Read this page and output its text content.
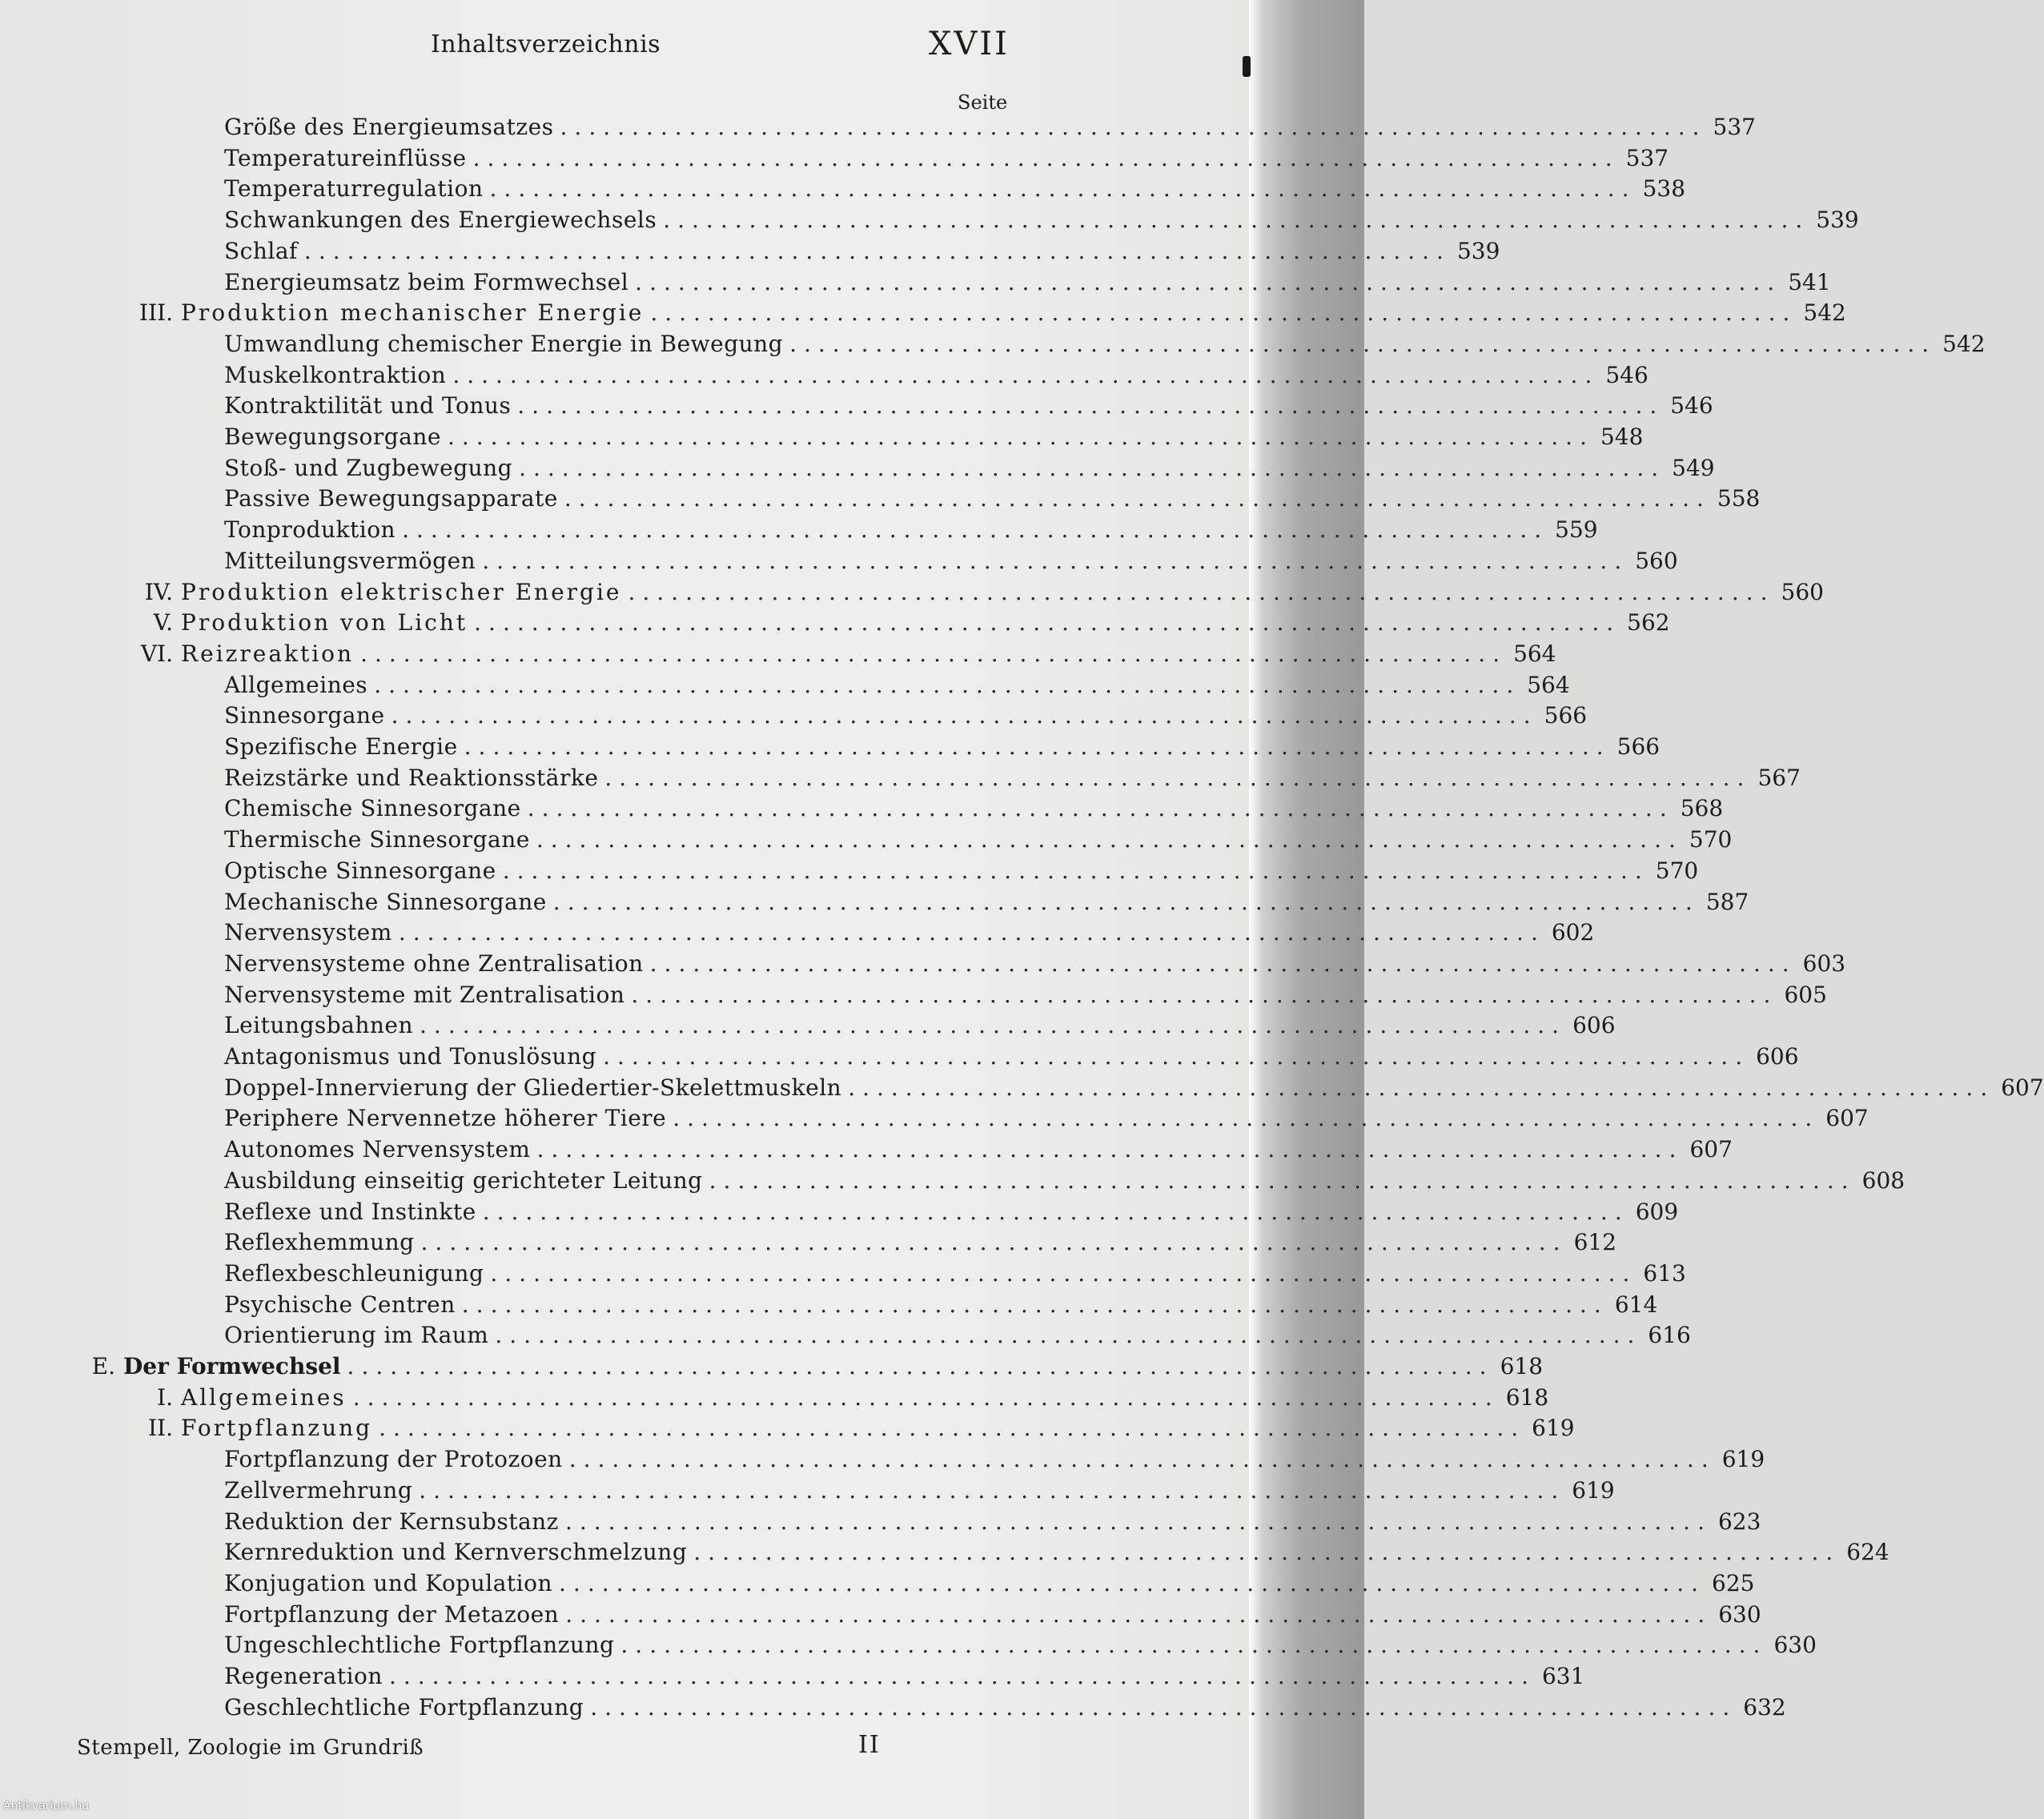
Inhaltsverzeichnis	XVII
Seite
Größe des Energieumsatzes ................................................................................ 537
Temperatureinflüsse ................................................................................ 537
Temperaturregulation ................................................................................ 538
Schwankungen des Energiewechsels ................................................................................ 539
Schlaf ................................................................................ 539
Energieumsatz beim Formwechsel ................................................................................ 541
III. Produktion mechanischer Energie ................................................................................ 542
Umwandlung chemischer Energie in Bewegung ................................................................................ 542
Muskelkontraktion ................................................................................ 546
Kontraktilität und Tonus ................................................................................ 546
Bewegungsorgane ................................................................................ 548
Stoß- und Zugbewegung ................................................................................ 549
Passive Bewegungsapparate ................................................................................ 558
Tonproduktion ................................................................................ 559
Mitteilungsvermögen ................................................................................ 560
IV. Produktion elektrischer Energie ................................................................................ 560
V. Produktion von Licht ................................................................................ 562
VI. Reizreaktion ................................................................................ 564
Allgemeines ................................................................................ 564
Sinnesorgane ................................................................................ 566
Spezifische Energie ................................................................................ 566
Reizstärke und Reaktionsstärke ................................................................................ 567
Chemische Sinnesorgane ................................................................................ 568
Thermische Sinnesorgane ................................................................................ 570
Optische Sinnesorgane ................................................................................ 570
Mechanische Sinnesorgane ................................................................................ 587
Nervensystem ................................................................................ 602
Nervensysteme ohne Zentralisation ................................................................................ 603
Nervensysteme mit Zentralisation ................................................................................ 605
Leitungsbahnen ................................................................................ 606
Antagonismus und Tonuslösung ................................................................................ 606
Doppel-Innervierung der Gliedertier-Skelettmuskeln ................................................................................ 607
Periphere Nervennetze höherer Tiere ................................................................................ 607
Autonomes Nervensystem ................................................................................ 607
Ausbildung einseitig gerichteter Leitung ................................................................................ 608
Reflexe und Instinkte ................................................................................ 609
Reflexhemmung ................................................................................ 612
Reflexbeschleunigung ................................................................................ 613
Psychische Centren ................................................................................ 614
Orientierung im Raum ................................................................................ 616
E. Der Formwechsel ................................................................................ 618
I. Allgemeines ................................................................................ 618
II. Fortpflanzung ................................................................................ 619
Fortpflanzung der Protozoen ................................................................................ 619
Zellvermehrung ................................................................................ 619
Reduktion der Kernsubstanz ................................................................................ 623
Kernreduktion und Kernverschmelzung ................................................................................ 624
Konjugation und Kopulation ................................................................................ 625
Fortpflanzung der Metazoen ................................................................................ 630
Ungeschlechtliche Fortpflanzung ................................................................................ 630
Regeneration ................................................................................ 631
Geschlechtliche Fortpflanzung ................................................................................ 632
Stempell, Zoologie im Grundriß	II
Antikvarium.hu
